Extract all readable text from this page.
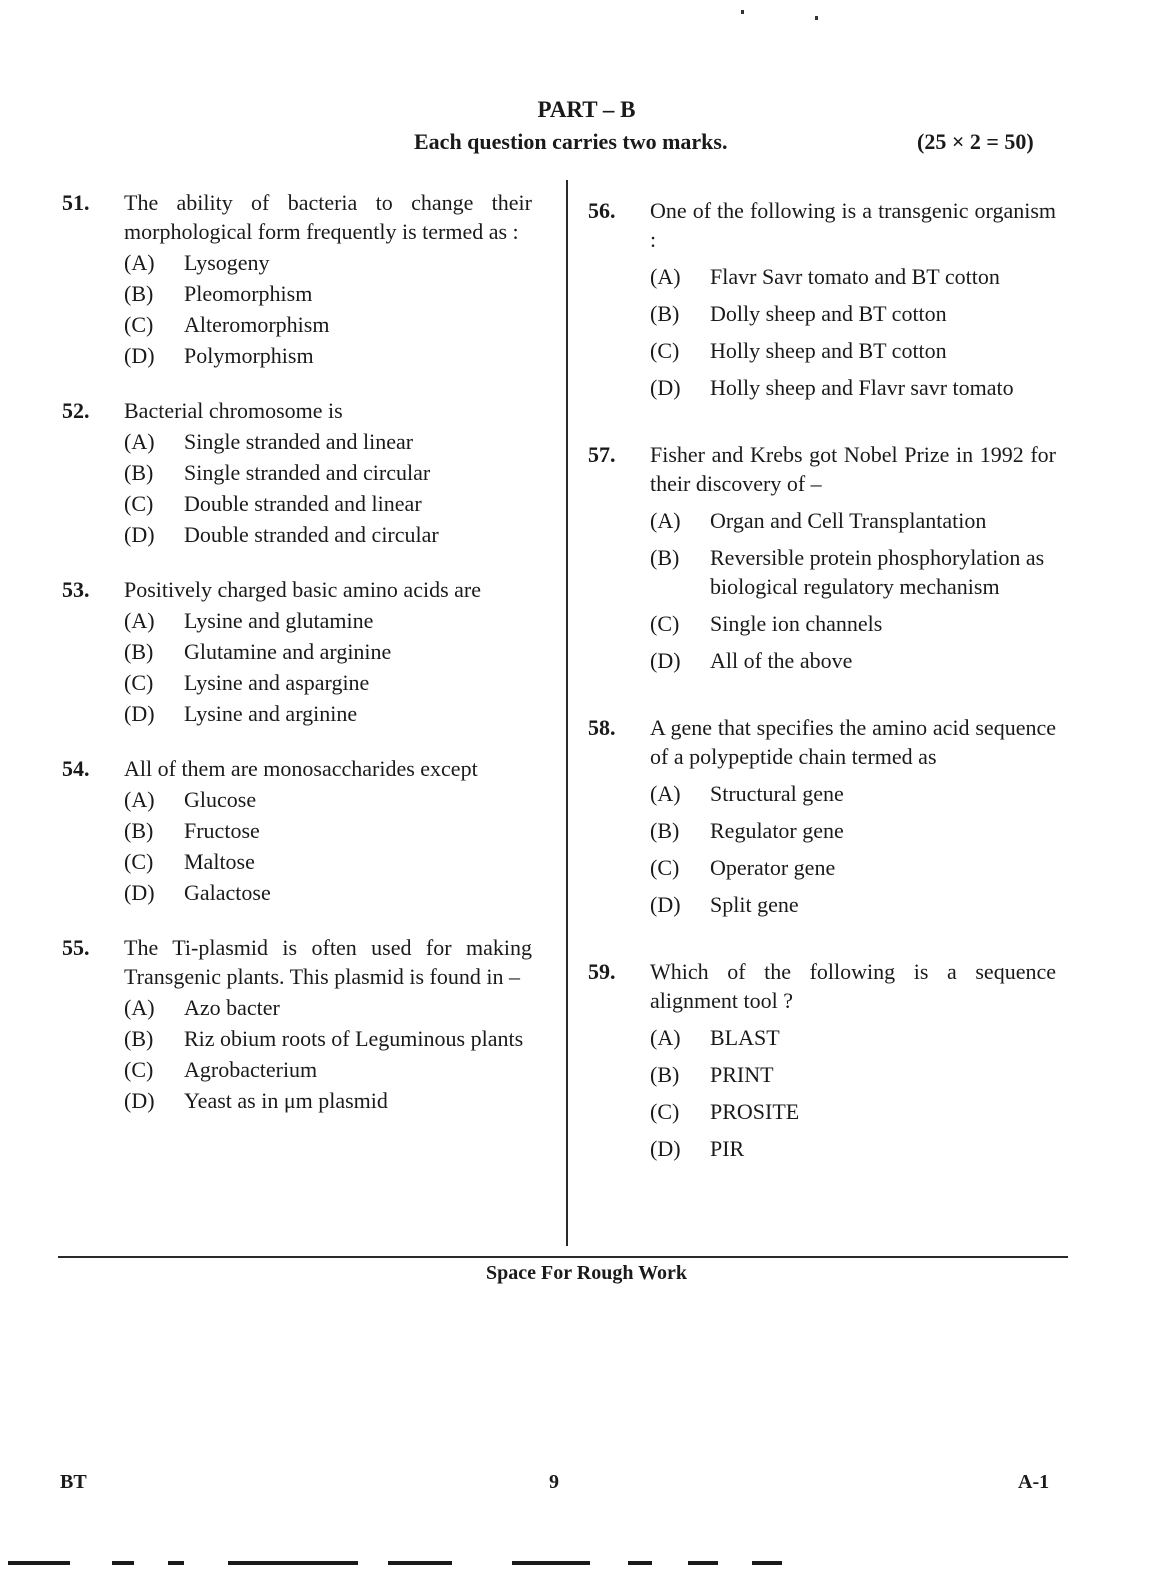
PART – B
Each question carries two marks.	(25 × 2 = 50)
51. The ability of bacteria to change their morphological form frequently is termed as :
(A) Lysogeny
(B) Pleomorphism
(C) Alteromorphism
(D) Polymorphism
52. Bacterial chromosome is
(A) Single stranded and linear
(B) Single stranded and circular
(C) Double stranded and linear
(D) Double stranded and circular
53. Positively charged basic amino acids are
(A) Lysine and glutamine
(B) Glutamine and arginine
(C) Lysine and aspargine
(D) Lysine and arginine
54. All of them are monosaccharides except
(A) Glucose
(B) Fructose
(C) Maltose
(D) Galactose
55. The Ti-plasmid is often used for making Transgenic plants. This plasmid is found in –
(A) Azo bacter
(B) Riz obium roots of Leguminous plants
(C) Agrobacterium
(D) Yeast as in μm plasmid
56. One of the following is a transgenic organism :
(A) Flavr Savr tomato and BT cotton
(B) Dolly sheep and BT cotton
(C) Holly sheep and BT cotton
(D) Holly sheep and Flavr savr tomato
57. Fisher and Krebs got Nobel Prize in 1992 for their discovery of –
(A) Organ and Cell Transplantation
(B) Reversible protein phosphorylation as biological regulatory mechanism
(C) Single ion channels
(D) All of the above
58. A gene that specifies the amino acid sequence of a polypeptide chain termed as
(A) Structural gene
(B) Regulator gene
(C) Operator gene
(D) Split gene
59. Which of the following is a sequence alignment tool ?
(A) BLAST
(B) PRINT
(C) PROSITE
(D) PIR
Space For Rough Work
BT	9	A-1
